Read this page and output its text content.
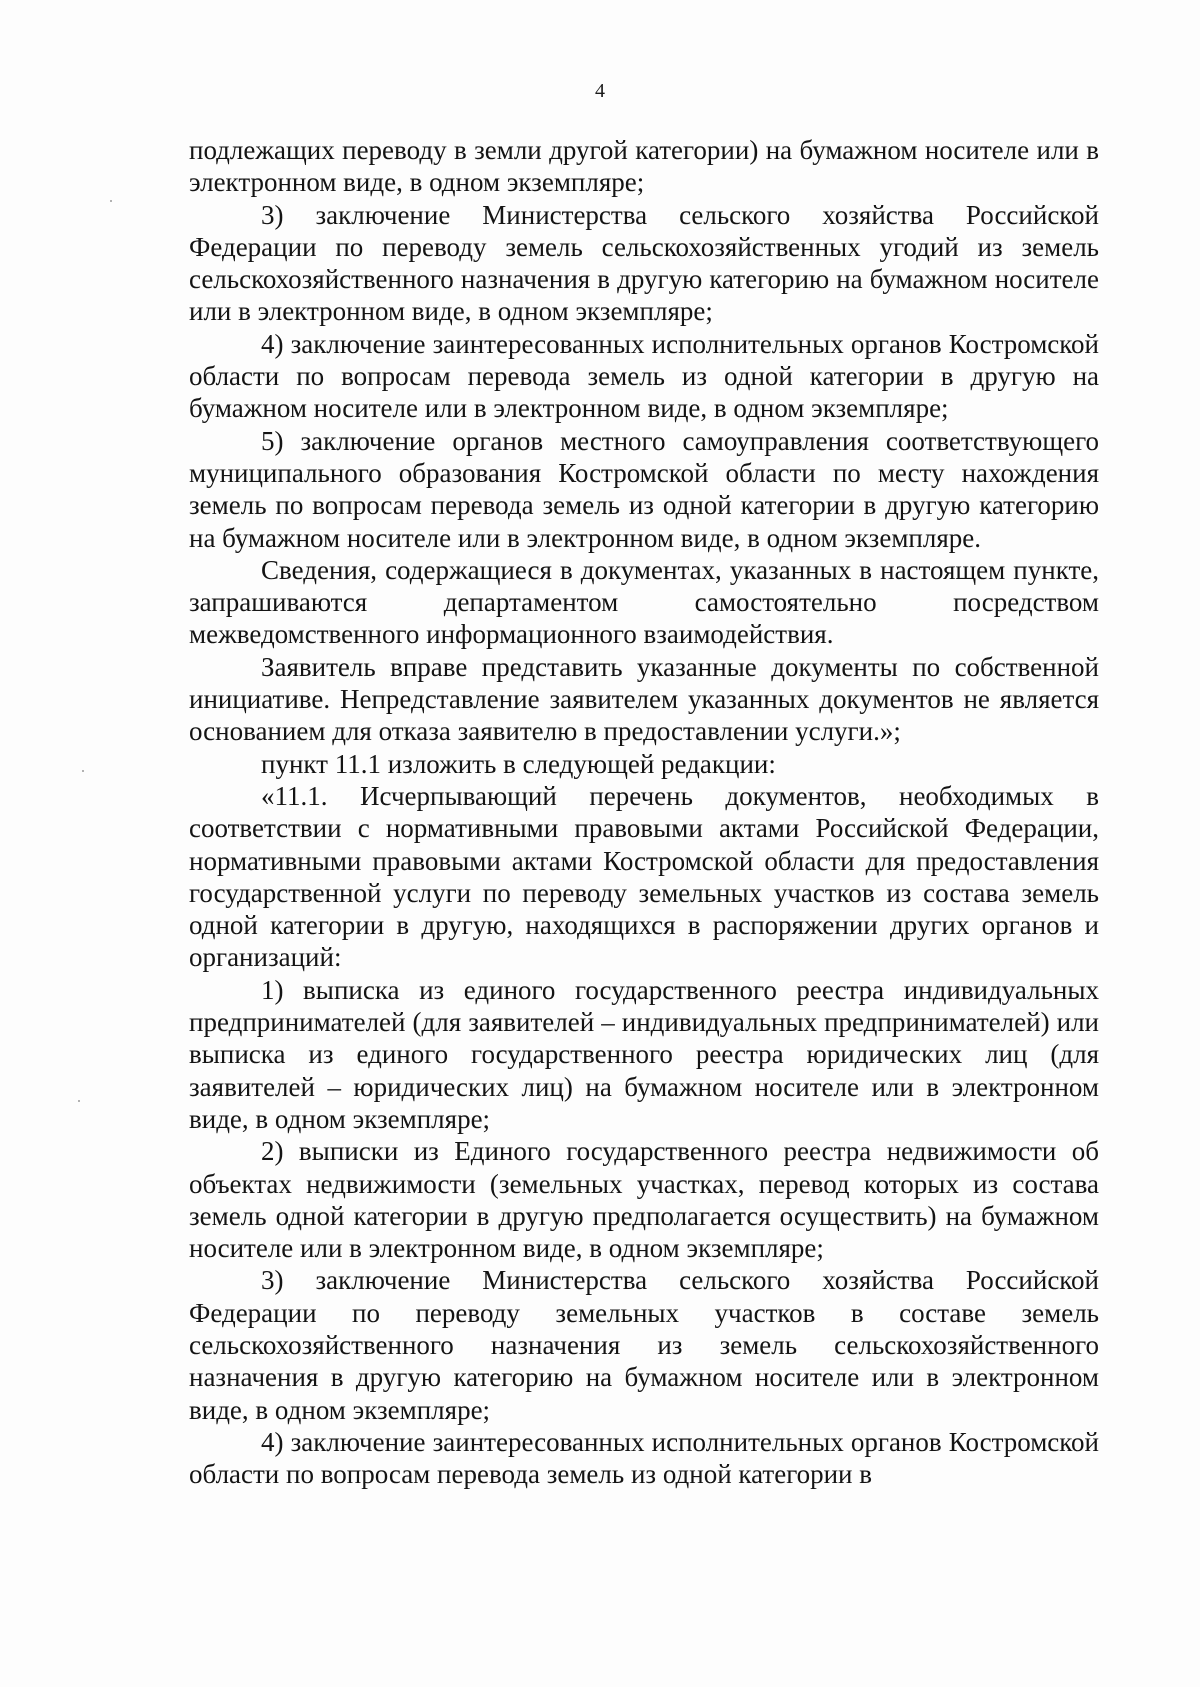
4

подлежащих переводу в земли другой категории) на бумажном носителе или в электронном виде, в одном экземпляре;

3) заключение Министерства сельского хозяйства Российской Федерации по переводу земель сельскохозяйственных угодий из земель сельскохозяйственного назначения в другую категорию на бумажном носителе или в электронном виде, в одном экземпляре;

4) заключение заинтересованных исполнительных органов Костромской области по вопросам перевода земель из одной категории в другую на бумажном носителе или в электронном виде, в одном экземпляре;

5) заключение органов местного самоуправления соответствующего муниципального образования Костромской области по месту нахождения земель по вопросам перевода земель из одной категории в другую категорию на бумажном носителе или в электронном виде, в одном экземпляре.

Сведения, содержащиеся в документах, указанных в настоящем пункте, запрашиваются департаментом самостоятельно посредством межведомственного информационного взаимодействия.

Заявитель вправе представить указанные документы по собственной инициативе. Непредставление заявителем указанных документов не является основанием для отказа заявителю в предоставлении услуги.»;

пункт 11.1 изложить в следующей редакции:

«11.1. Исчерпывающий перечень документов, необходимых в соответствии с нормативными правовыми актами Российской Федерации, нормативными правовыми актами Костромской области для предоставления государственной услуги по переводу земельных участков из состава земель одной категории в другую, находящихся в распоряжении других органов и организаций:

1) выписка из единого государственного реестра индивидуальных предпринимателей (для заявителей – индивидуальных предпринимателей) или выписка из единого государственного реестра юридических лиц (для заявителей – юридических лиц) на бумажном носителе или в электронном виде, в одном экземпляре;

2) выписки из Единого государственного реестра недвижимости об объектах недвижимости (земельных участках, перевод которых из состава земель одной категории в другую предполагается осуществить) на бумажном носителе или в электронном виде, в одном экземпляре;

3) заключение Министерства сельского хозяйства Российской Федерации по переводу земельных участков в составе земель сельскохозяйственного назначения из земель сельскохозяйственного назначения в другую категорию на бумажном носителе или в электронном виде, в одном экземпляре;

4) заключение заинтересованных исполнительных органов Костромской области по вопросам перевода земель из одной категории в
